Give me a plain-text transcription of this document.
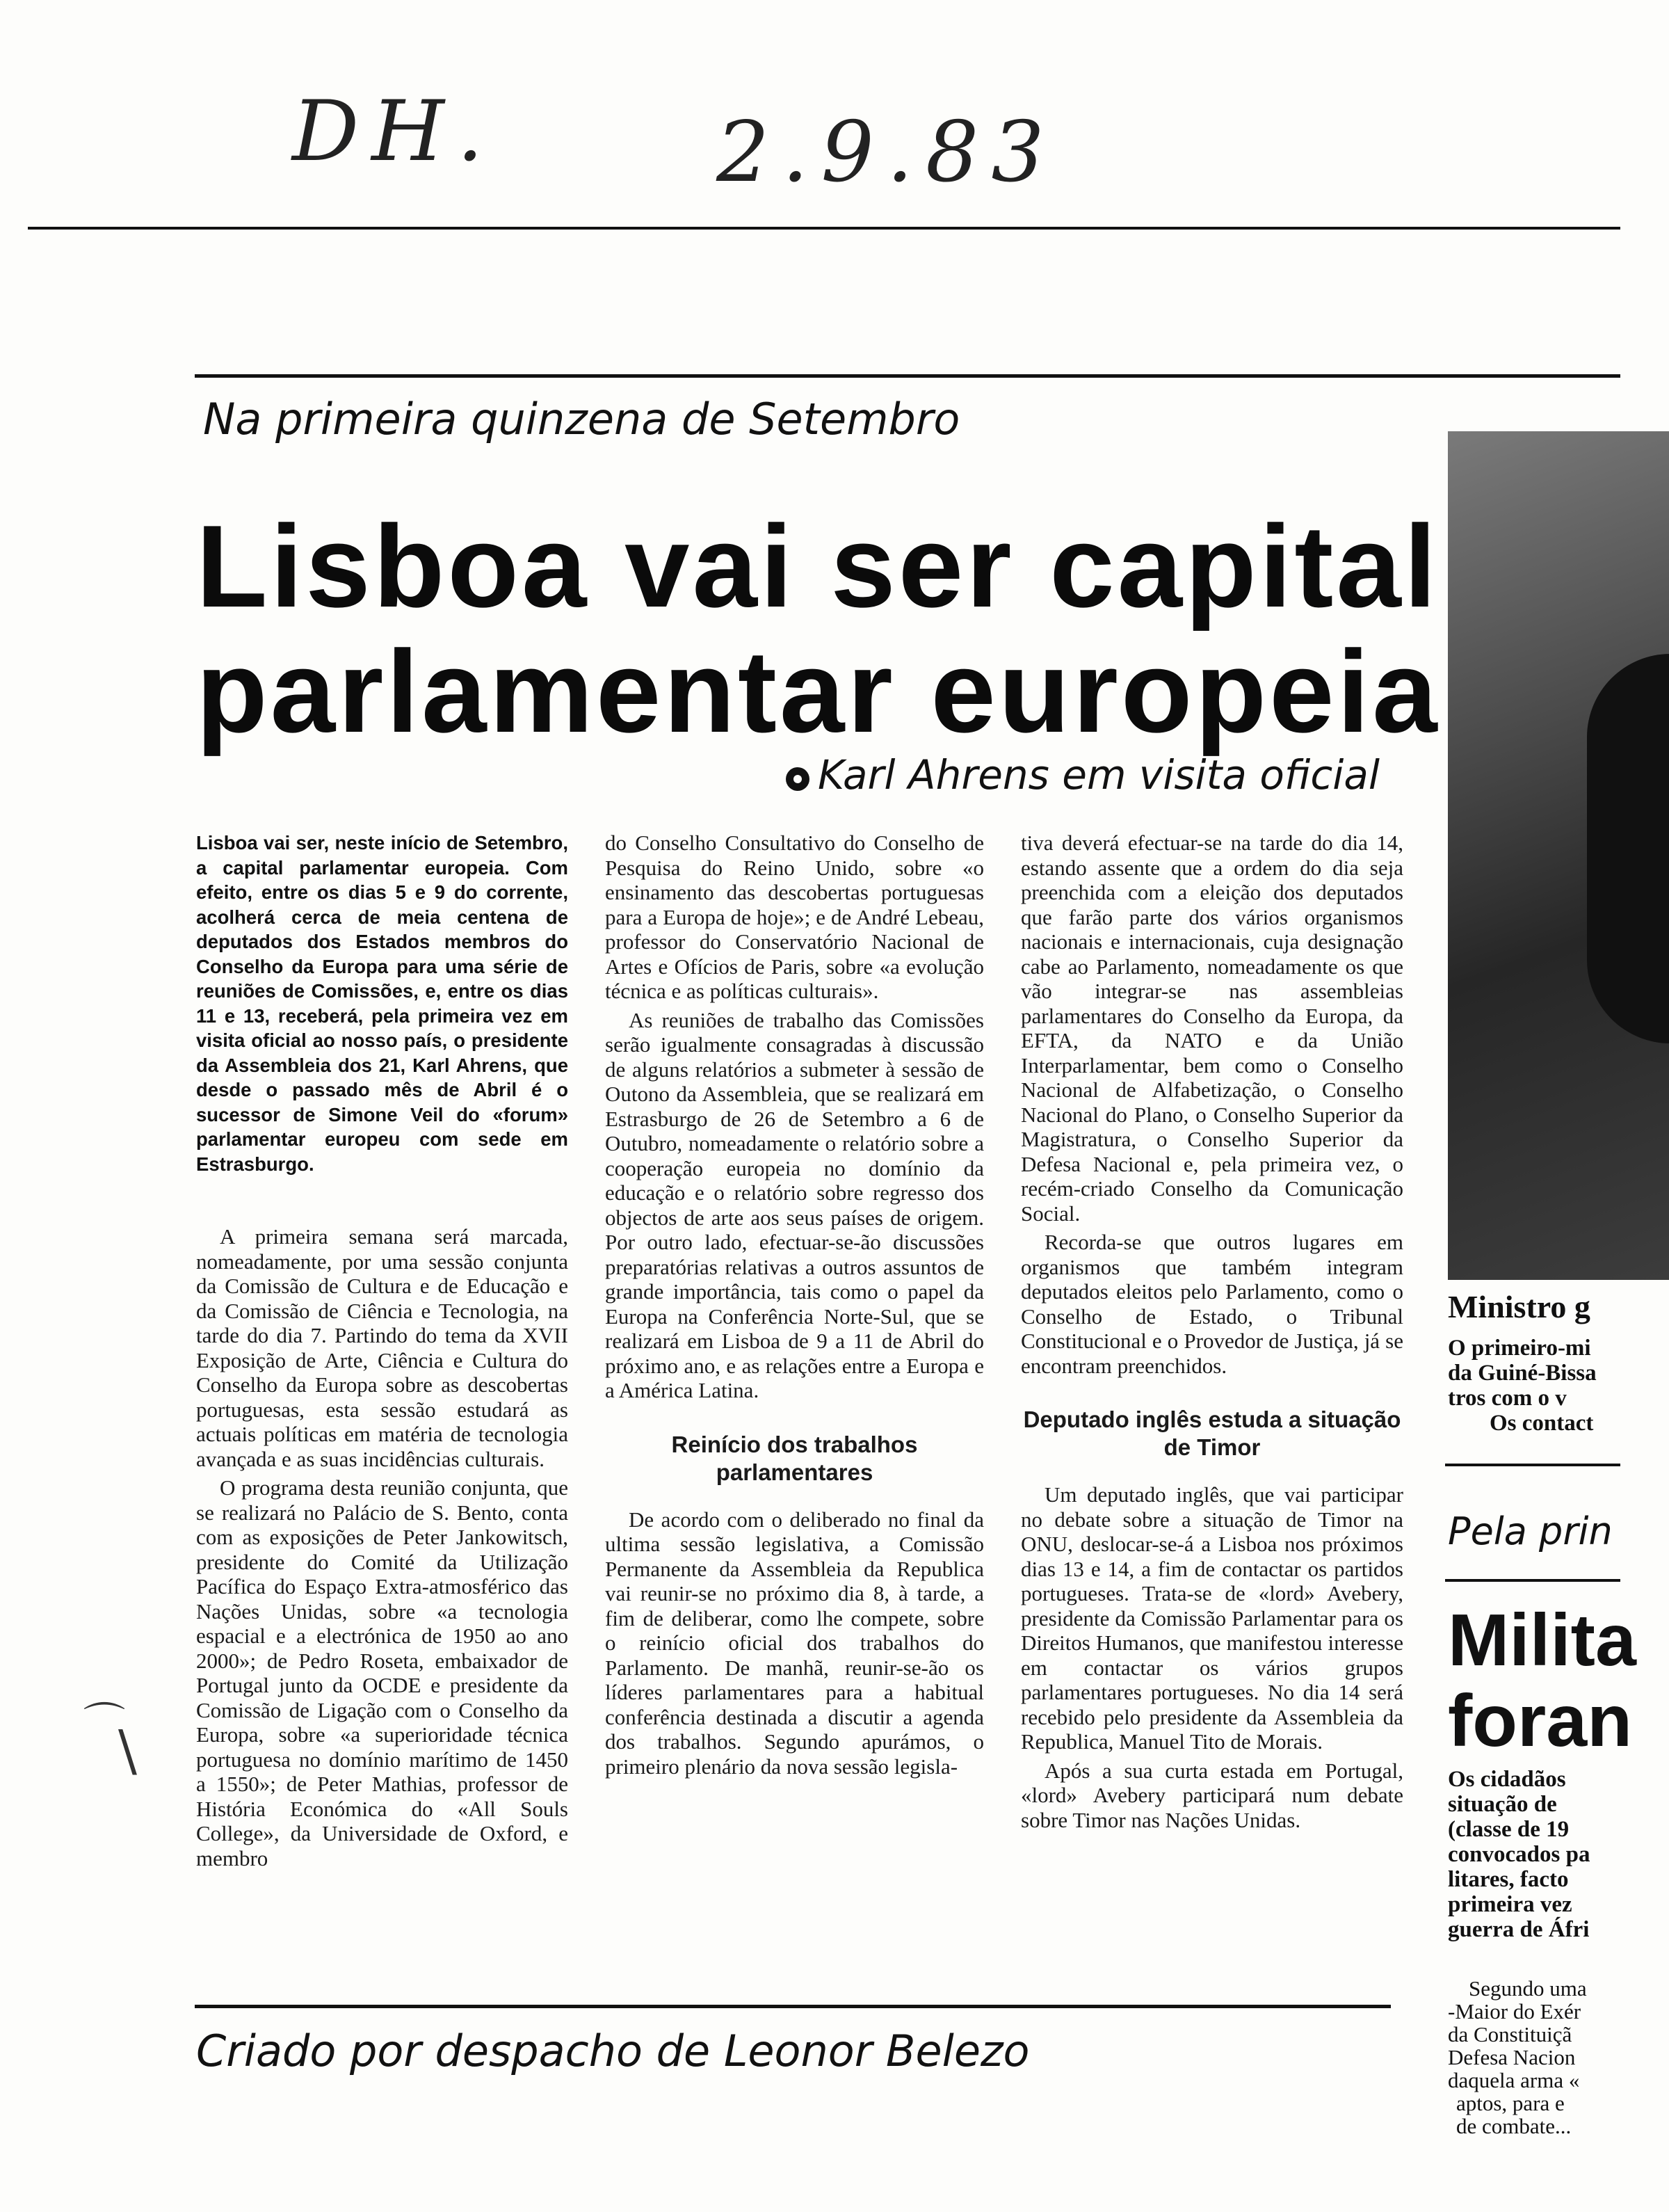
DH.	2.9.83
Na primeira quinzena de Setembro
Lisboa vai ser capital
parlamentar europeia
Karl Ahrens em visita oficial
Lisboa vai ser, neste início de Setembro, a capital parlamentar europeia. Com efeito, entre os dias 5 e 9 do corrente, acolherá cerca de meia centena de deputados dos Estados membros do Conselho da Europa para uma série de reuniões de Comissões, e, entre os dias 11 e 13, receberá, pela primeira vez em visita oficial ao nosso país, o presidente da Assembleia dos 21, Karl Ahrens, que desde o passado mês de Abril é o sucessor de Simone Veil do «forum» parlamentar europeu com sede em Estrasburgo.

A primeira semana será marcada, nomeadamente, por uma sessão conjunta da Comissão de Cultura e de Educação e da Comissão de Ciência e Tecnologia, na tarde do dia 7. Partindo do tema da XVII Exposição de Arte, Ciência e Cultura do Conselho da Europa sobre as descobertas portuguesas, esta sessão estudará as actuais políticas em matéria de tecnologia avançada e as suas incidências culturais.

O programa desta reunião conjunta, que se realizará no Palácio de S. Bento, conta com as exposições de Peter Jankowitsch, presidente do Comité da Utilização Pacífica do Espaço Extra-atmosférico das Nações Unidas, sobre «a tecnologia espacial e a electrónica de 1950 ao ano 2000»; de Pedro Roseta, embaixador de Portugal junto da OCDE e presidente da Comissão de Ligação com o Conselho da Europa, sobre «a superioridade técnica portuguesa no domínio marítimo de 1450 a 1550»; de Peter Mathias, professor de História Económica do «All Souls College», da Universidade de Oxford, e membro

do Conselho Consultativo do Conselho de Pesquisa do Reino Unido, sobre «o ensinamento das descobertas portuguesas para a Europa de hoje»; e de André Lebeau, professor do Conservatório Nacional de Artes e Ofícios de Paris, sobre «a evolução técnica e as políticas culturais».

As reuniões de trabalho das Comissões serão igualmente consagradas à discussão de alguns relatórios a submeter à sessão de Outono da Assembleia, que se realizará em Estrasburgo de 26 de Setembro a 6 de Outubro, nomeadamente o relatório sobre a cooperação europeia no domínio da educação e o relatório sobre regresso dos objectos de arte aos seus países de origem. Por outro lado, efectuar-se-ão discussões preparatórias relativas a outros assuntos de grande importância, tais como o papel da Europa na Conferência Norte-Sul, que se realizará em Lisboa de 9 a 11 de Abril do próximo ano, e as relações entre a Europa e a América Latina.

Reinício dos trabalhos parlamentares

De acordo com o deliberado no final da ultima sessão legislativa, a Comissão Permanente da Assembleia da Republica vai reunir-se no próximo dia 8, à tarde, a fim de deliberar, como lhe compete, sobre o reinício oficial dos trabalhos do Parlamento. De manhã, reunir-se-ão os líderes parlamentares para a habitual conferência destinada a discutir a agenda dos trabalhos. Segundo apurámos, o primeiro plenário da nova sessão legisla-

tiva deverá efectuar-se na tarde do dia 14, estando assente que a ordem do dia seja preenchida com a eleição dos deputados que farão parte dos vários organismos nacionais e internacionais, cuja designação cabe ao Parlamento, nomeadamente os que vão integrar-se nas assembleias parlamentares do Conselho da Europa, da EFTA, da NATO e da União Interparlamentar, bem como o Conselho Nacional de Alfabetização, o Conselho Nacional do Plano, o Conselho Superior da Magistratura, o Conselho Superior da Defesa Nacional e, pela primeira vez, o recém-criado Conselho da Comunicação Social.

Recorda-se que outros lugares em organismos que também integram deputados eleitos pelo Parlamento, como o Conselho de Estado, o Tribunal Constitucional e o Provedor de Justiça, já se encontram preenchidos.

Deputado inglês estuda a situação de Timor

Um deputado inglês, que vai participar no debate sobre a situação de Timor na ONU, deslocar-se-á a Lisboa nos próximos dias 13 e 14, a fim de contactar os partidos portugueses. Trata-se de «lord» Avebery, presidente da Comissão Parlamentar para os Direitos Humanos, que manifestou interesse em contactar os vários grupos parlamentares portugueses. No dia 14 será recebido pelo presidente da Assembleia da Republica, Manuel Tito de Morais.

Após a sua curta estada em Portugal, «lord» Avebery participará num debate sobre Timor nas Nações Unidas.

Criado por despacho de Leonor Belezo
Ministro g
O primeiro-mi
da Guiné-Bissa
tros com o v
Os contact
Pela prin
Milita
foran
Os cidadãos
situação de
(classe de 19
convocados pa
litares, facto
primeira vez
guerra de Áfri
Segundo uma
-Maior do Exér
da Constituiçã
Defesa Nacion
daquela arma «
aptos, para e
de combate...
⌒
\
